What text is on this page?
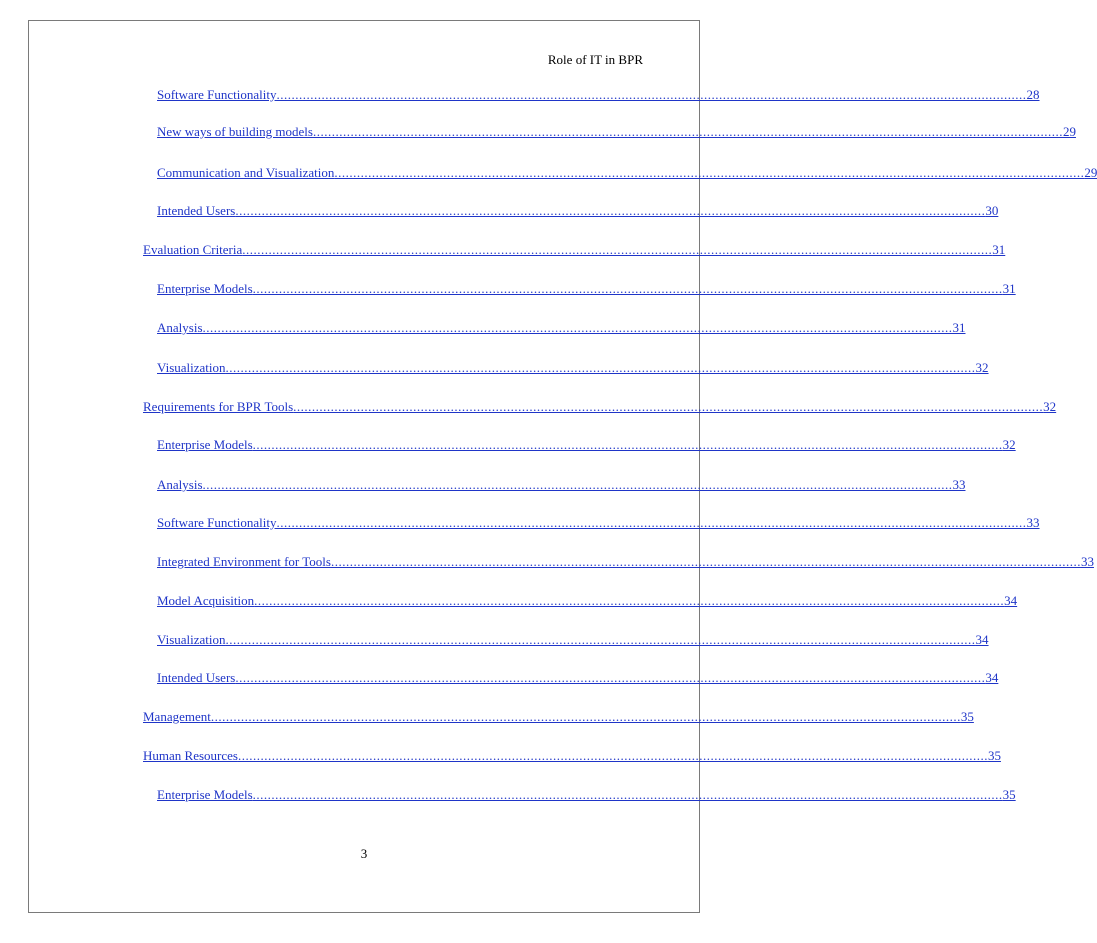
Role of IT in BPR
Software Functionality ........................................................................................................................................................................................................ 28
New ways of building models ........................................................................................................................................................................................................ 29
Communication and Visualization ........................................................................................................................................................................................................ 29
Intended Users ........................................................................................................................................................................................................ 30
Evaluation Criteria ........................................................................................................................................................................................................ 31
Enterprise Models ........................................................................................................................................................................................................ 31
Analysis ........................................................................................................................................................................................................ 31
Visualization ........................................................................................................................................................................................................ 32
Requirements for BPR Tools ........................................................................................................................................................................................................ 32
Enterprise Models ........................................................................................................................................................................................................ 32
Analysis ........................................................................................................................................................................................................ 33
Software Functionality ........................................................................................................................................................................................................ 33
Integrated Environment for Tools ........................................................................................................................................................................................................ 33
Model Acquisition ........................................................................................................................................................................................................ 34
Visualization ........................................................................................................................................................................................................ 34
Intended Users ........................................................................................................................................................................................................ 34
Management ........................................................................................................................................................................................................ 35
Human Resources ........................................................................................................................................................................................................ 35
Enterprise Models ........................................................................................................................................................................................................ 35
3
